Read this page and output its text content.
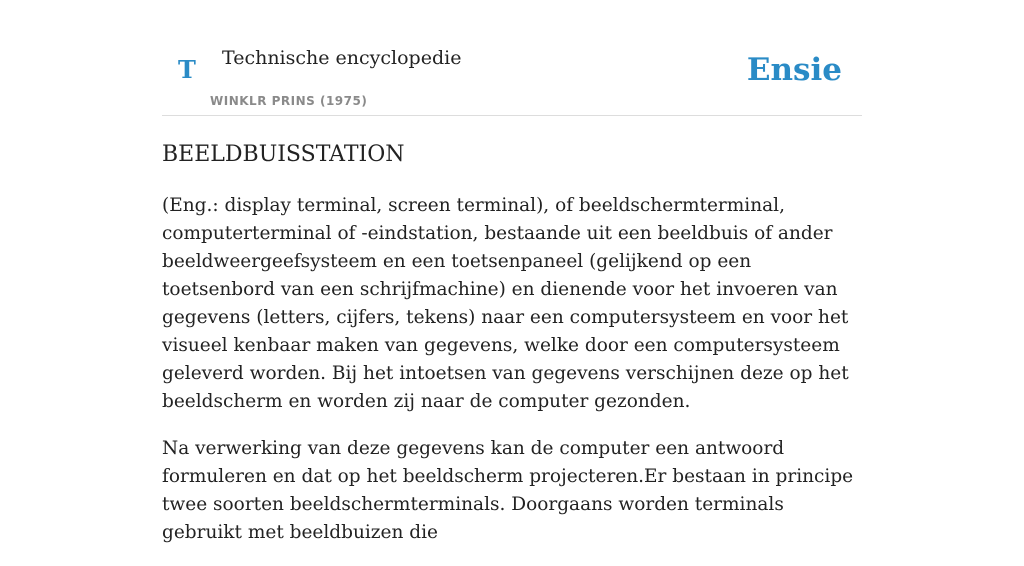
T Technische encyclopedie
WINKLR PRINS (1975)
Ensie
BEELDBUISSTATION

(Eng.: display terminal, screen terminal), of beeldschermterminal, computerterminal of -eindstation, bestaande uit een beeldbuis of ander beeldweergeefsysteem en een toetsenpaneel (gelijkend op een toetsenbord van een schrijfmachine) en dienende voor het invoeren van gegevens (letters, cijfers, tekens) naar een computersysteem en voor het visueel kenbaar maken van gegevens, welke door een computersysteem geleverd worden. Bij het intoetsen van gegevens verschijnen deze op het beeldscherm en worden zij naar de computer gezonden.

Na verwerking van deze gegevens kan de computer een antwoord formuleren en dat op het beeldscherm projecteren.Er bestaan in principe twee soorten beeldschermterminals. Doorgaans worden terminals gebruikt met beeldbuizen die
